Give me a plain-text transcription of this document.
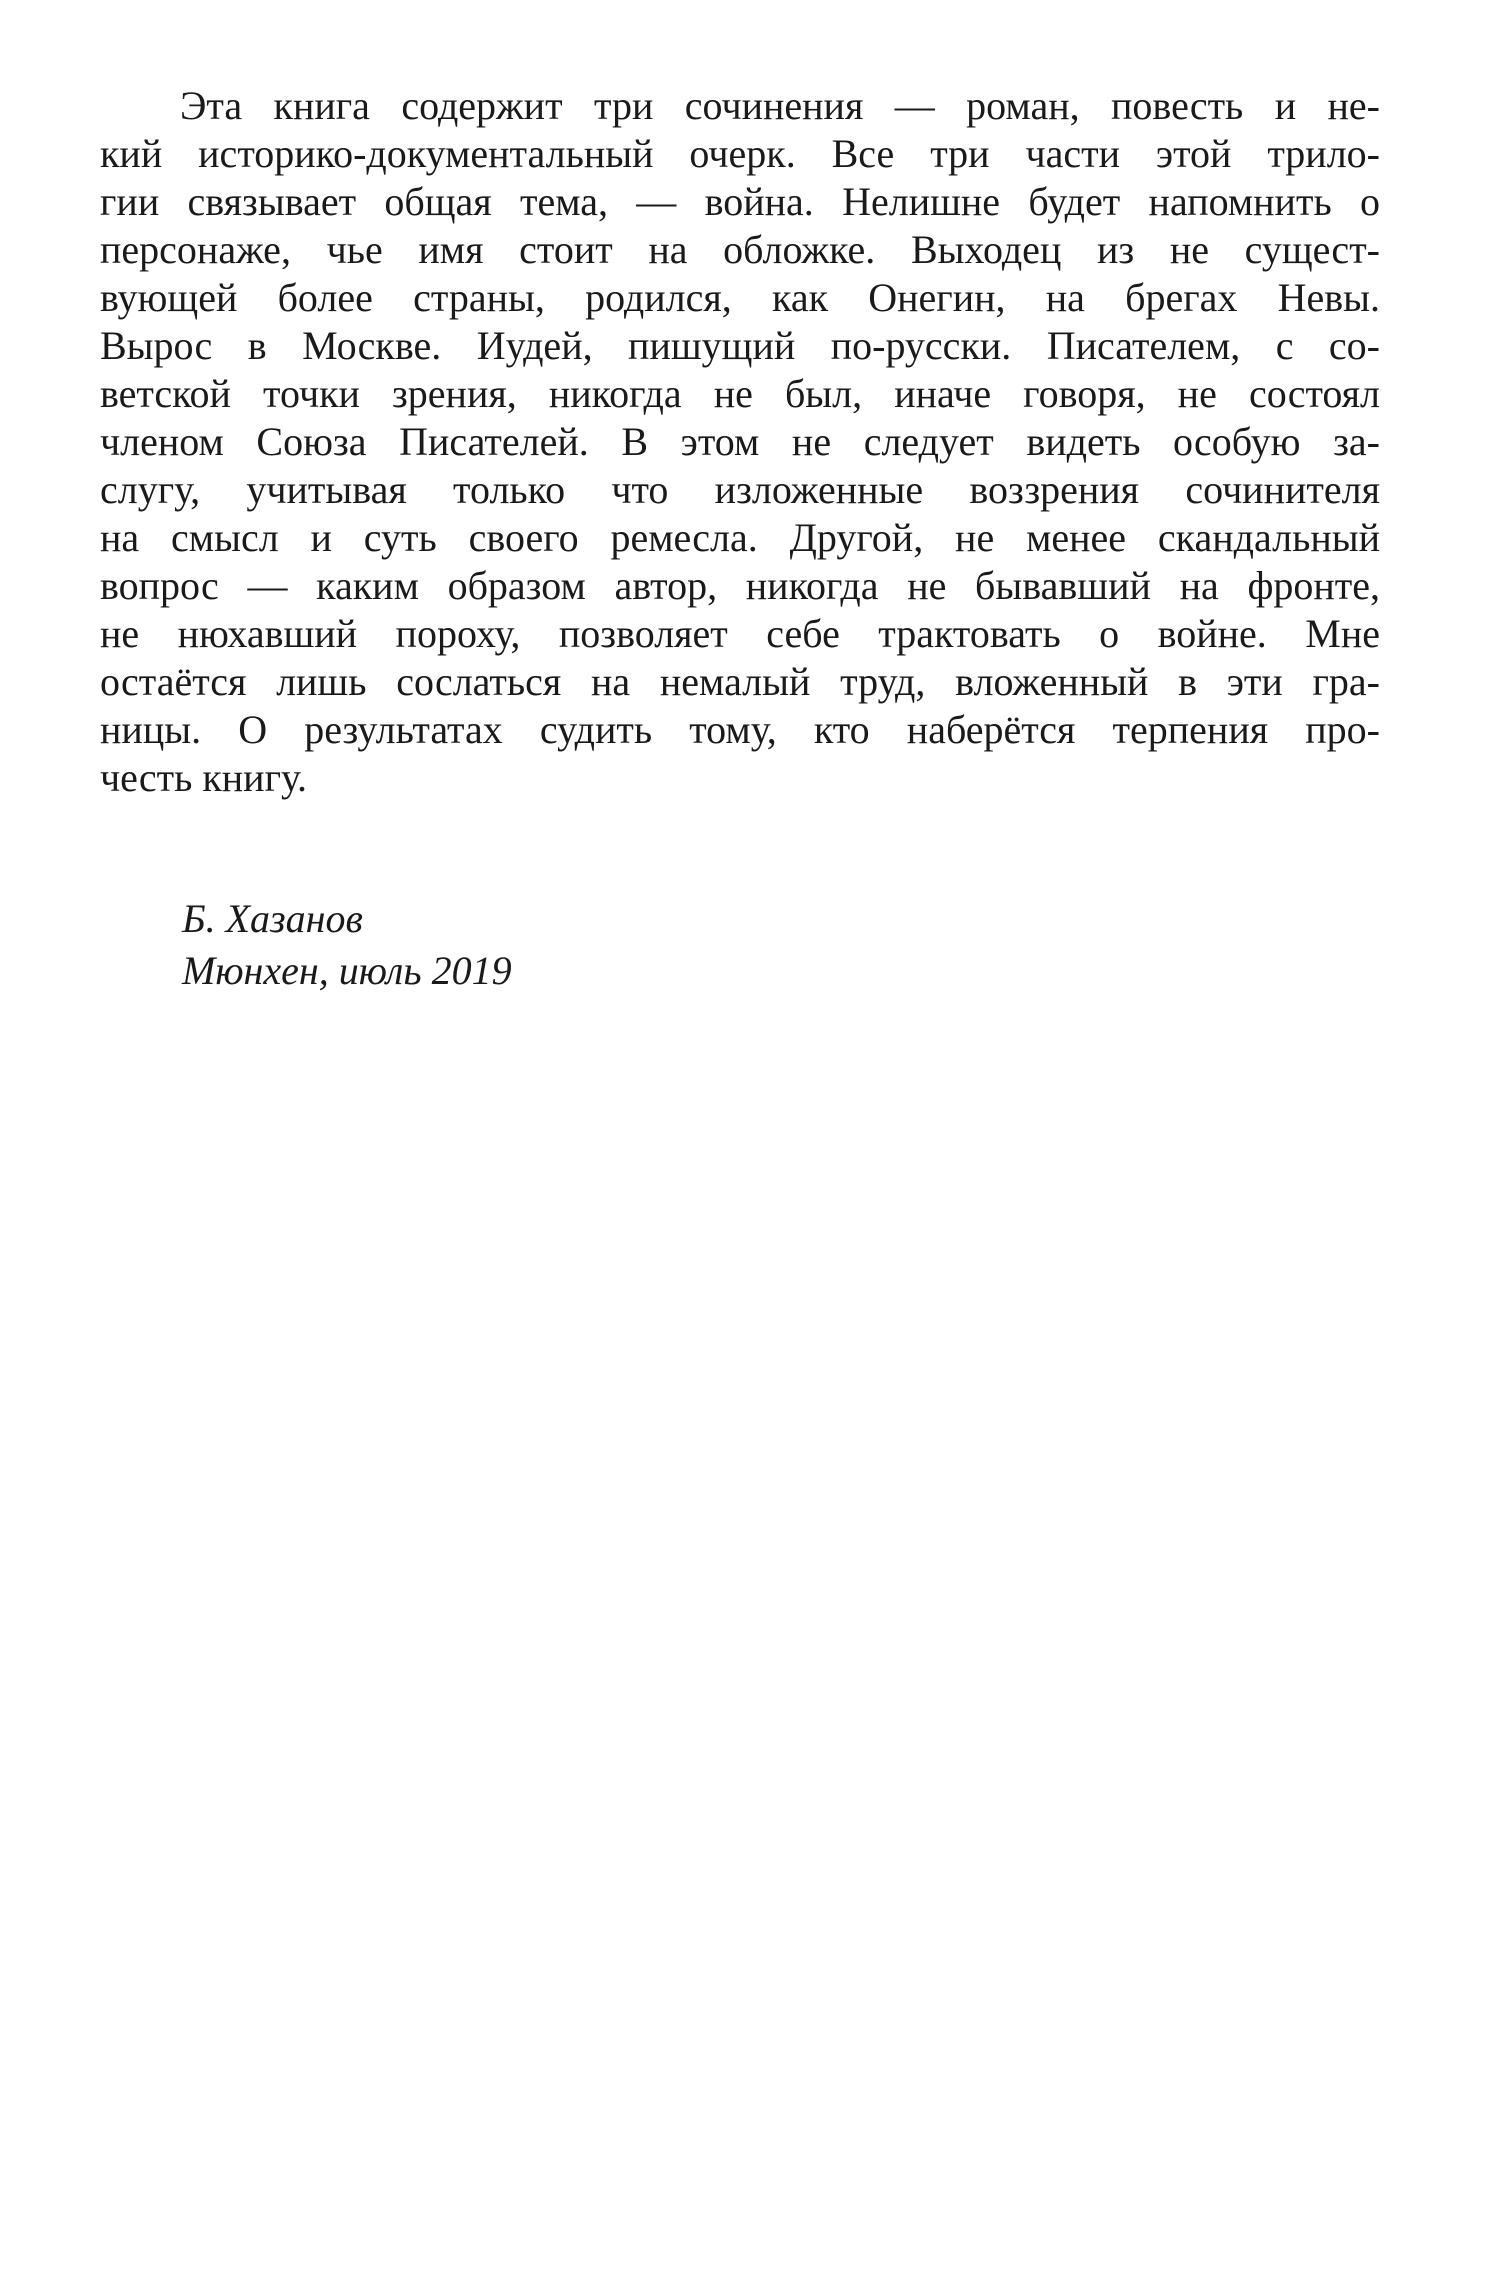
Эта книга содержит три сочинения — роман, повесть и не-
кий историко-документальный очерк. Все три части этой трило-
гии связывает общая тема, — война. Нелишне будет напомнить о
персонаже, чье имя стоит на обложке. Выходец из не сущест-
вующей более страны, родился, как Онегин, на брегах Невы.
Вырос в Москве. Иудей, пишущий по-русски. Писателем, с со-
ветской точки зрения, никогда не был, иначе говоря, не состоял
членом Союза Писателей. В этом не следует видеть особую за-
слугу, учитывая только что изложенные воззрения сочинителя
на смысл и суть своего ремесла. Другой, не менее скандальный
вопрос — каким образом автор, никогда не бывавший на фронте,
не нюхавший пороху, позволяет себе трактовать о войне. Мне
остаётся лишь сослаться на немалый труд, вложенный в эти гра-
ницы. О результатах судить тому, кто наберётся терпения про-
честь книгу.
Б. Хазанов
Мюнхен, июль 2019
